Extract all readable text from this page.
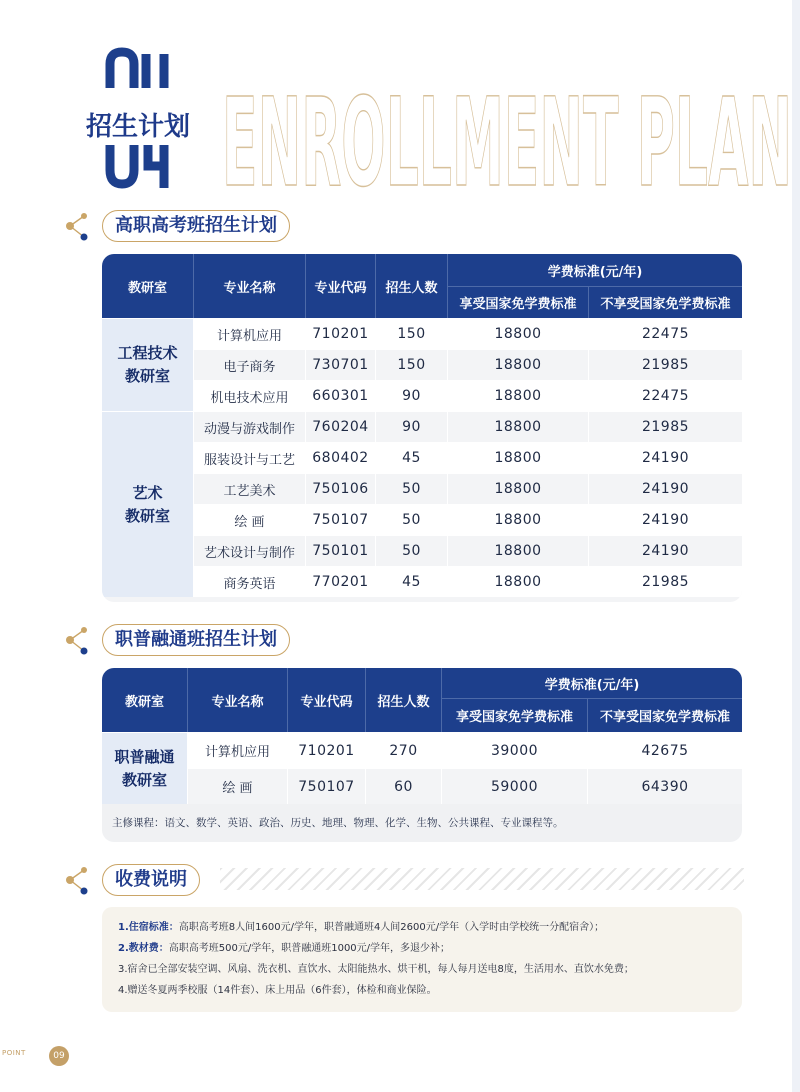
招生计划 ENROLLMENT PLAN
高职高考班招生计划
教研室	专业名称	专业代码	招生人数	学费标准(元/年)	
				享受国家免学费标准	不享受国家免学费标准
工程技术
教研室	计算机应用	710201	150	18800	22475
	电子商务	730701	150	18800	21985
	机电技术应用	660301	90	18800	22475
艺术
教研室	动漫与游戏制作	760204	90	18800	21985
	服装设计与工艺	680402	45	18800	24190
	工艺美术	750106	50	18800	24190
	绘 画	750107	50	18800	24190
	艺术设计与制作	750101	50	18800	24190
	商务英语	770201	45	18800	21985
职普融通班招生计划
教研室	专业名称	专业代码	招生人数	学费标准(元/年)	
				享受国家免学费标准	不享受国家免学费标准
职普融通
教研室	计算机应用	710201	270	39000	42675
	绘 画	750107	60	59000	64390
主修课程：语文、数学、英语、政治、历史、地理、物理、化学、生物、公共课程、专业课程等。
收费说明
1.住宿标准：高职高考班8人间1600元/学年，职普融通班4人间2600元/学年（入学时由学校统一分配宿舍）；
2.教材费：高职高考班500元/学年，职普融通班1000元/学年，多退少补；
3.宿舍已全部安装空调、风扇、洗衣机、直饮水、太阳能热水、烘干机，每人每月送电8度，生活用水、直饮水免费；
4.赠送冬夏两季校服（14件套）、床上用品（6件套），体检和商业保险。
POINT	09
